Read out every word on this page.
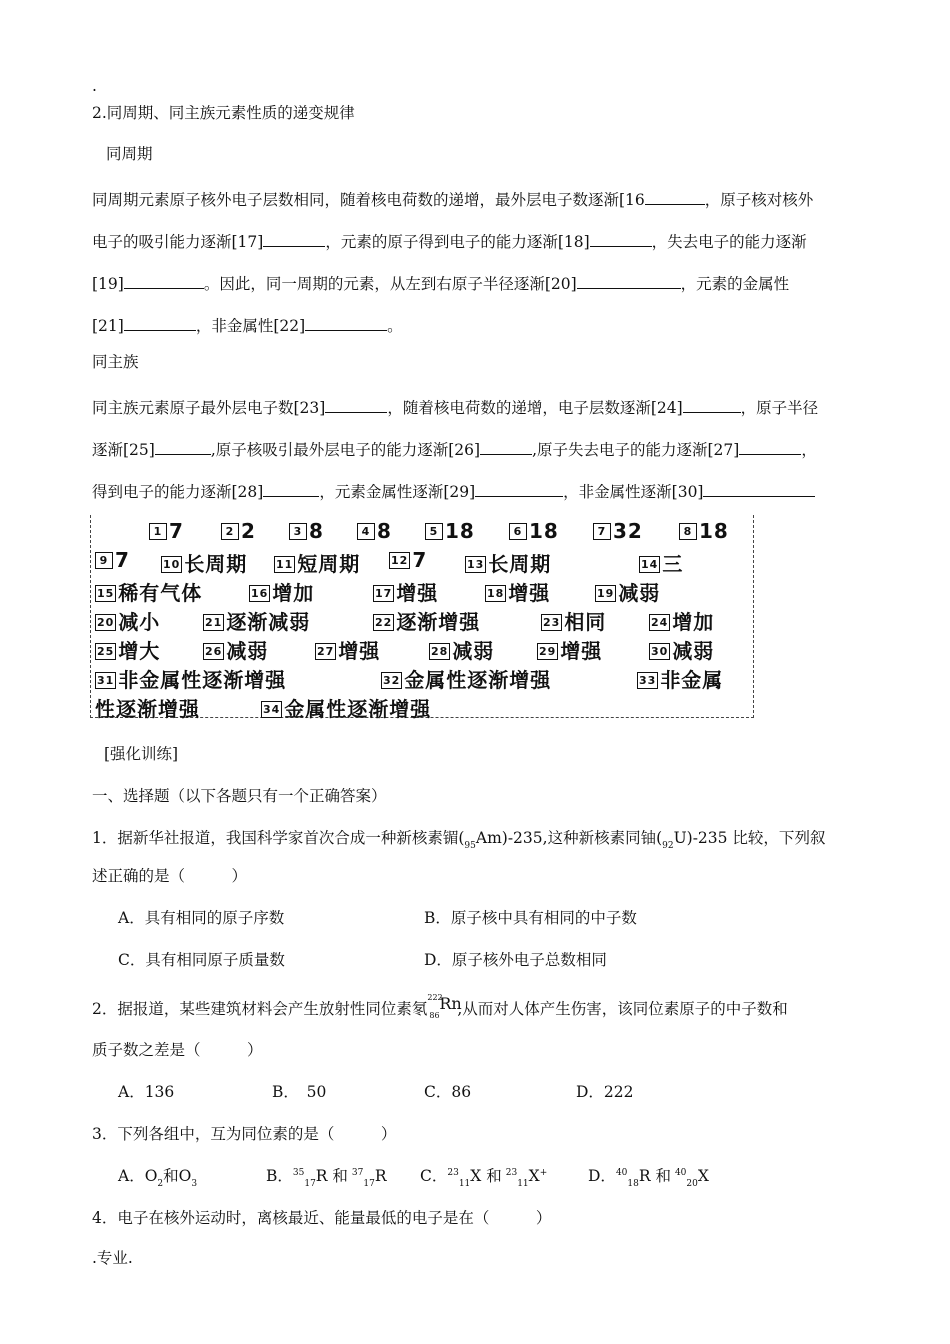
.
2.同周期、同主族元素性质的递变规律
同周期
同周期元素原子核外电子层数相同，随着核电荷数的递增，最外层电子数逐渐[16	，原子核对核外
电子的吸引能力逐渐[17]	，元素的原子得到电子的能力逐渐[18]	，失去电子的能力逐渐
[19]	。因此，同一周期的元素，从左到右原子半径逐渐[20]	，元素的金属性
[21]	，非金属性[22]	。
同主族
同主族元素原子最外层电子数[23]	，随着核电荷数的递增，电子层数逐渐[24]	，原子半径
逐渐[25]	,原子核吸引最外层电子的能力逐渐[26]	,原子失去电子的能力逐渐[27]	，
得到电子的能力逐渐[28]	，元素金属性逐渐[29]	，非金属性逐渐[30]
1 7	2 2	3 8	4 8	5 18	6 18	7 32	8 18
9 7	10 长周期	11 短周期	12 7	13 长周期	14 三
15 稀有气体	16 增加	17 增强	18 增强	19 减弱
20 减小	21 逐渐减弱	22 逐渐增强	23 相同	24 增加
25 增大	26 减弱	27 增强	28 减弱	29 增强	30 减弱
31 非金属性逐渐增强	32 金属性逐渐增强	33 非金属
性逐渐增强	34 金属性逐渐增强
[强化训练]
一、选择题（以下各题只有一个正确答案）
1．据新华社报道，我国科学家首次合成一种新核素镅$(_{95}Am)-235$,这种新核素同铀$(_{92}U)-235$ 比较，下列叙
述正确的是（　　　）
A．具有相同的原子序数	B．原子核中具有相同的中子数
C．具有相同原子质量数	D．原子核外电子总数相同
2．据报道，某些建筑材料会产生放射性同位素氡
222
86
Rn
,从而对人体产生伤害，该同位素原子的中子数和
质子数之差是（　　　）
A．136	B．　50	C．86	D．222
3．下列各组中，互为同位素的是（　　　）
A．$O_2$和$O_3$	B．$^{35}_{17}$R 和 $^{37}_{17}$R C．$^{23}_{11}$X 和 $^{23}_{11}$X+	D．$^{40}_{18}$R 和 $^{40}_{20}$X
4．电子在核外运动时，离核最近、能量最低的电子是在（　　　）
.专业.
